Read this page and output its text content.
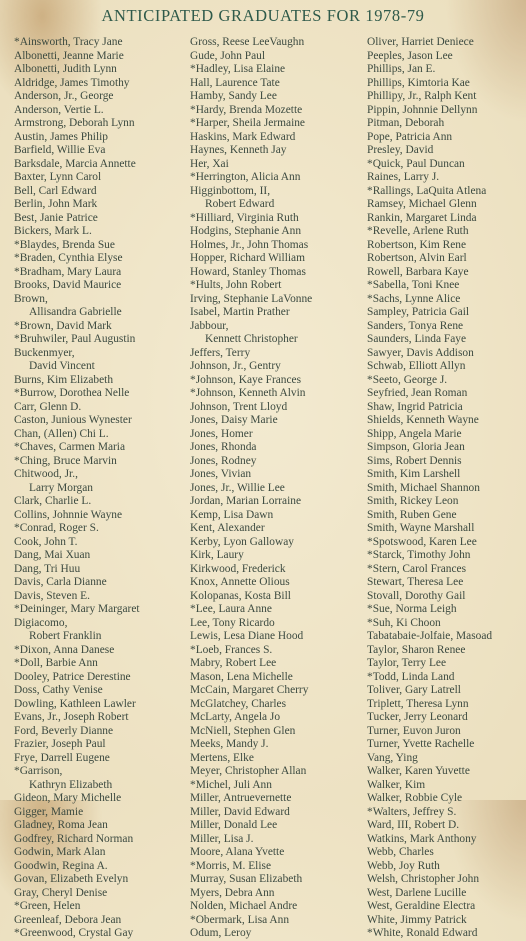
ANTICIPATED GRADUATES FOR 1978-79
*Ainsworth, Tracy Jane
Albonetti, Jeanne Marie
Albonetti, Judith Lynn
Aldridge, James Timothy
Anderson, Jr., George
Anderson, Vertie L.
Armstrong, Deborah Lynn
Austin, James Philip
Barfield, Willie Eva
Barksdale, Marcia Annette
Baxter, Lynn Carol
Bell, Carl Edward
Berlin, John Mark
Best, Janie Patrice
Bickers, Mark L.
*Blaydes, Brenda Sue
*Braden, Cynthia Elyse
*Bradham, Mary Laura
Brooks, David Maurice
Brown,
Allisandra Gabrielle
*Brown, David Mark
*Bruhwiler, Paul Augustin
Buckenmyer,
David Vincent
Burns, Kim Elizabeth
*Burrow, Dorothea Nelle
Carr, Glenn D.
Caston, Junious Wynester
Chan, (Allen) Chi L.
*Chaves, Carmen Maria
*Ching, Bruce Marvin
Chitwood, Jr.,
Larry Morgan
Clark, Charlie L.
Collins, Johnnie Wayne
*Conrad, Roger S.
Cook, John T.
Dang, Mai Xuan
Dang, Tri Huu
Davis, Carla Dianne
Davis, Steven E.
*Deininger, Mary Margaret
Digiacomo,
Robert Franklin
*Dixon, Anna Danese
*Doll, Barbie Ann
Dooley, Patrice Derestine
Doss, Cathy Venise
Dowling, Kathleen Lawler
Evans, Jr., Joseph Robert
Ford, Beverly Dianne
Frazier, Joseph Paul
Frye, Darrell Eugene
*Garrison,
Kathryn Elizabeth
Gideon, Mary Michelle
Gigger, Mamie
Gladney, Roma Jean
Godfrey, Richard Norman
Godwin, Mark Alan
Goodwin, Regina A.
Govan, Elizabeth Evelyn
Gray, Cheryl Denise
*Green, Helen
Greenleaf, Debora Jean
*Greenwood, Crystal Gay
Gross, Reese LeeVaughn
Gude, John Paul
*Hadley, Lisa Elaine
Hall, Laurence Tate
Hamby, Sandy Lee
*Hardy, Brenda Mozette
*Harper, Sheila Jermaine
Haskins, Mark Edward
Haynes, Kenneth Jay
Her, Xai
*Herrington, Alicia Ann
Higginbottom, II,
Robert Edward
*Hilliard, Virginia Ruth
Hodgins, Stephanie Ann
Holmes, Jr., John Thomas
Hopper, Richard William
Howard, Stanley Thomas
*Hults, John Robert
Irving, Stephanie LaVonne
Isabel, Martin Prather
Jabbour,
Kennett Christopher
Jeffers, Terry
Johnson, Jr., Gentry
*Johnson, Kaye Frances
*Johnson, Kenneth Alvin
Johnson, Trent Lloyd
Jones, Daisy Marie
Jones, Homer
Jones, Rhonda
Jones, Rodney
Jones, Vivian
Jones, Jr., Willie Lee
Jordan, Marian Lorraine
Kemp, Lisa Dawn
Kent, Alexander
Kerby, Lyon Galloway
Kirk, Laury
Kirkwood, Frederick
Knox, Annette Olious
Kolopanas, Kosta Bill
*Lee, Laura Anne
Lee, Tony Ricardo
Lewis, Lesa Diane Hood
*Loeb, Frances S.
Mabry, Robert Lee
Mason, Lena Michelle
McCain, Margaret Cherry
McGlatchey, Charles
McLarty, Angela Jo
McNiell, Stephen Glen
Meeks, Mandy J.
Mertens, Elke
Meyer, Christopher Allan
*Michel, Juli Ann
Miller, Antruevernette
Miller, David Edward
Miller, Donald Lee
Miller, Lisa J.
Moore, Alana Yvette
*Morris, M. Elise
Murray, Susan Elizabeth
Myers, Debra Ann
Nolden, Michael Andre
*Obermark, Lisa Ann
Odum, Leroy
Oliver, Harriet Deniece
Peeples, Jason Lee
Phillips, Jan E.
Phillips, Kimtoria Kae
Phillipy, Jr., Ralph Kent
Pippin, Johnnie Dellynn
Pitman, Deborah
Pope, Patricia Ann
Presley, David
*Quick, Paul Duncan
Raines, Larry J.
*Rallings, LaQuita Atlena
Ramsey, Michael Glenn
Rankin, Margaret Linda
*Revelle, Arlene Ruth
Robertson, Kim Rene
Robertson, Alvin Earl
Rowell, Barbara Kaye
*Sabella, Toni Knee
*Sachs, Lynne Alice
Sampley, Patricia Gail
Sanders, Tonya Rene
Saunders, Linda Faye
Sawyer, Davis Addison
Schwab, Elliott Allyn
*Seeto, George J.
Seyfried, Jean Roman
Shaw, Ingrid Patricia
Shields, Kenneth Wayne
Shipp, Angela Marie
Simpson, Gloria Jean
Sims, Robert Dennis
Smith, Kim Larshell
Smith, Michael Shannon
Smith, Rickey Leon
Smith, Ruben Gene
Smith, Wayne Marshall
*Spotswood, Karen Lee
*Starck, Timothy John
*Stern, Carol Frances
Stewart, Theresa Lee
Stovall, Dorothy Gail
*Sue, Norma Leigh
*Suh, Ki Choon
Tabatabaie-Jolfaie, Masoad
Taylor, Sharon Renee
Taylor, Terry Lee
*Todd, Linda Land
Toliver, Gary Latrell
Triplett, Theresa Lynn
Tucker, Jerry Leonard
Turner, Euvon Juron
Turner, Yvette Rachelle
Vang, Ying
Walker, Karen Yuvette
Walker, Kim
Walker, Robbie Cyle
*Walters, Jeffrey S.
Ward, III, Robert D.
Watkins, Mark Anthony
Webb, Charles
Webb, Joy Ruth
Welsh, Christopher John
West, Darlene Lucille
West, Geraldine Electra
White, Jimmy Patrick
*White, Ronald Edward
